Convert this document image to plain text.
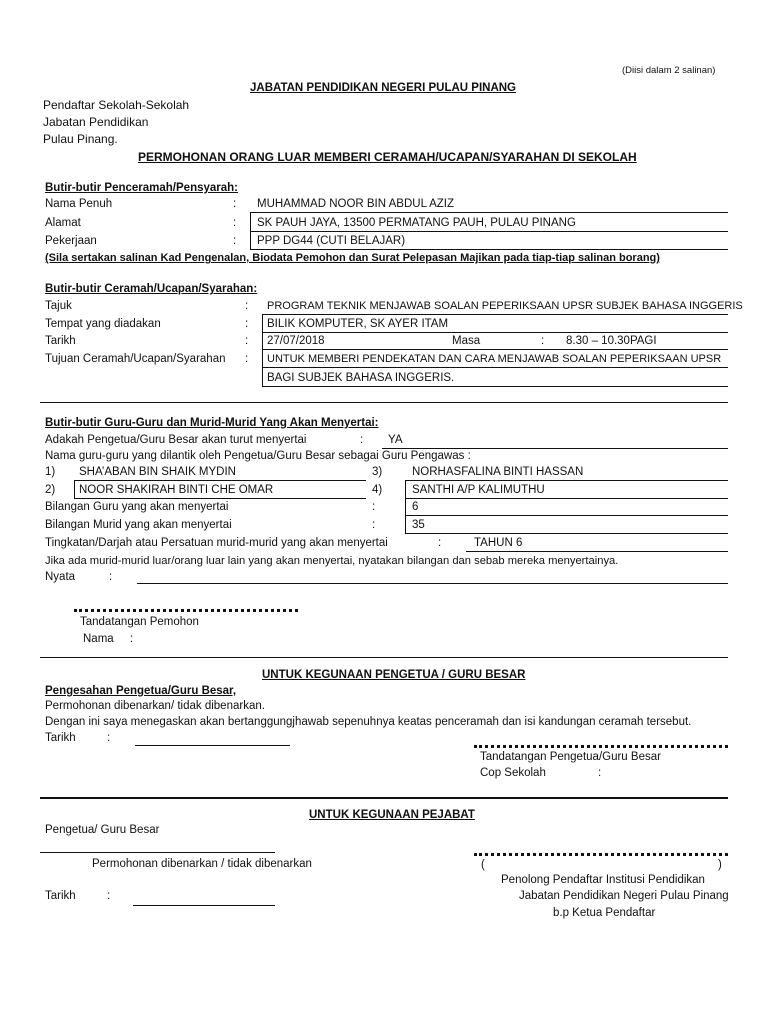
(Diisi dalam 2 salinan)
JABATAN PENDIDIKAN NEGERI PULAU PINANG
Pendaftar Sekolah-Sekolah
Jabatan Pendidikan
Pulau Pinang.
PERMOHONAN ORANG LUAR MEMBERI CERAMAH/UCAPAN/SYARAHAN DI SEKOLAH
Butir-butir Penceramah/Pensyarah:
Nama Penuh	: MUHAMMAD NOOR BIN ABDUL AZIZ
Alamat	: SK PAUH JAYA, 13500 PERMATANG PAUH, PULAU PINANG
Pekerjaan	: PPP DG44 (CUTI BELAJAR)
(Sila sertakan salinan Kad Pengenalan, Biodata Pemohon dan Surat Pelepasan Majikan pada tiap-tiap salinan borang)
Butir-butir Ceramah/Ucapan/Syarahan:
Tajuk	: PROGRAM TEKNIK MENJAWAB SOALAN PEPERIKSAAN UPSR SUBJEK BAHASA INGGERIS
Tempat yang diadakan	: BILIK KOMPUTER, SK AYER ITAM
Tarikh	: 27/07/2018	Masa	: 8.30 – 10.30PAGI
Tujuan Ceramah/Ucapan/Syarahan : UNTUK MEMBERI PENDEKATAN DAN CARA MENJAWAB SOALAN PEPERIKSAAN UPSR
BAGI SUBJEK BAHASA INGGERIS.
Butir-butir Guru-Guru dan Murid-Murid Yang Akan Menyertai:
Adakah Pengetua/Guru Besar akan turut menyertai	: YA
Nama guru-guru yang dilantik oleh Pengetua/Guru Besar sebagai Guru Pengawas :
1) SHA’ABAN BIN SHAIK MYDIN	3)	NORHASFALINA BINTI HASSAN
2) NOOR SHAKIRAH BINTI CHE OMAR	4)	SANTHI A/P KALIMUTHU
Bilangan Guru yang akan menyertai	:	6
Bilangan Murid yang akan menyertai	:	35
Tingkatan/Darjah atau Persatuan murid-murid yang akan menyertai	:	TAHUN 6
Jika ada murid-murid luar/orang luar lain yang akan menyertai, nyatakan bilangan dan sebab mereka menyertainya.
Nyata	:
Tandatangan Pemohon
Nama :
UNTUK KEGUNAAN PENGETUA / GURU BESAR
Pengesahan Pengetua/Guru Besar,
Permohonan dibenarkan/ tidak dibenarkan.
Dengan ini saya menegaskan akan bertanggungjhawab sepenuhnya keatas penceramah dan isi kandungan ceramah tersebut.
Tarikh	:
Tandatangan Pengetua/Guru Besar
Cop Sekolah	:
UNTUK KEGUNAAN PEJABAT
Pengetua/ Guru Besar
Permohonan dibenarkan / tidak dibenarkan	(	)
Penolong Pendaftar Institusi Pendidikan
Tarikh	:	Jabatan Pendidikan Negeri Pulau Pinang
b.p Ketua Pendaftar
